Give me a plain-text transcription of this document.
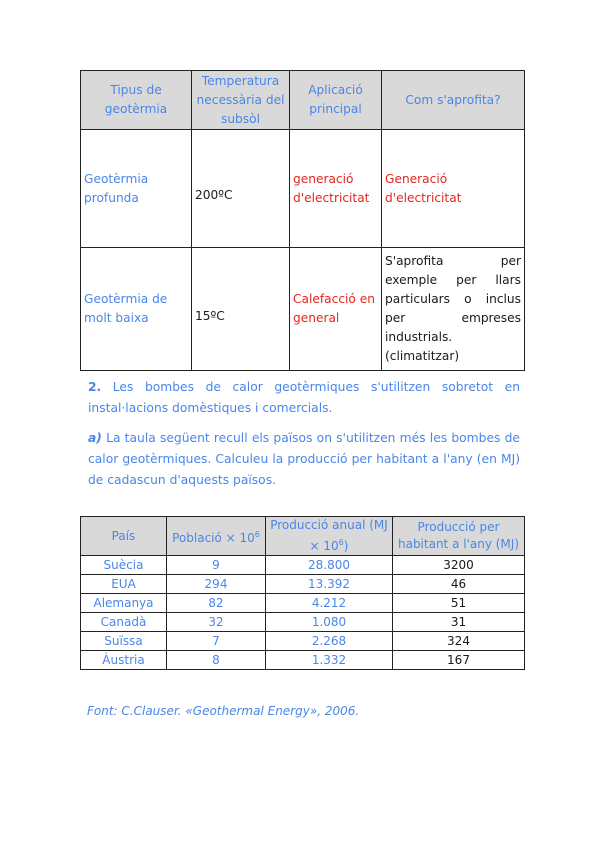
Tipus de geotèrmia	Temperatura necessària del subsòl	Aplicació principal	Com s'aprofita?
Geotèrmia profunda	200ºC	generació d'electricitat	Generació d'electricitat
Geotèrmia de molt baixa	15ºC	Calefacció en general	S'aprofita per exemple per llars particulars o inclus per empreses industrials. (climatitzar)
2. Les bombes de calor geotèrmiques s'utilitzen sobretot en instal·lacions domèstiques i comercials.
a) La taula següent recull els països on s'utilitzen més les bombes de calor geotèrmiques. Calculeu la producció per habitant a l'any (en MJ) de cadascun d'aquests països.
País	Població × $10^6$	Producció anual $(MJ \times 10^6)$	Producció per habitant a l'any (MJ)
Suècia	9	28.800	3200
EUA	294	13.392	46
Alemanya	82	4.212	51
Canadà	32	1.080	31
Suïssa	7	2.268	324
Àustria	8	1.332	167
Font: C.Clauser. «Geothermal Energy», 2006.
